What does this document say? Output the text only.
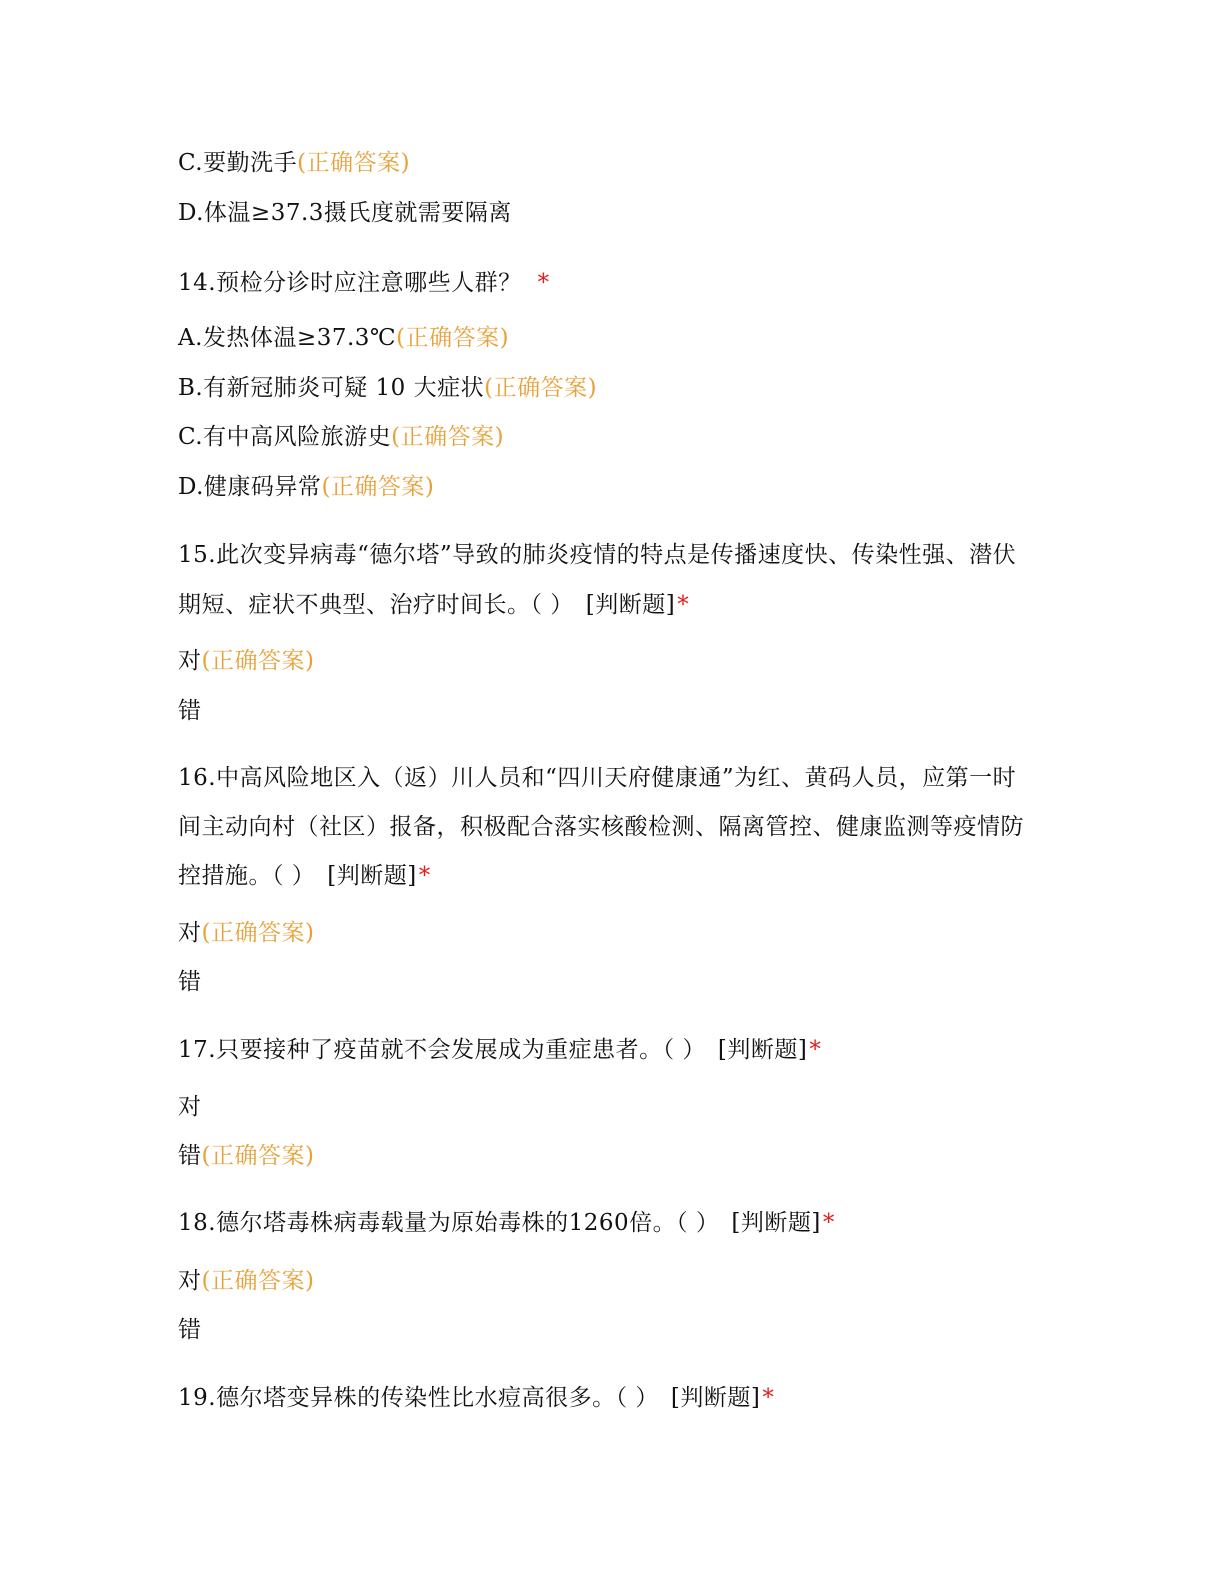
C.要勤洗手(正确答案)
D.体温≥37.3摄氏度就需要隔离
14.预检分诊时应注意哪些人群？ *
A.发热体温≥37.3℃(正确答案)
B.有新冠肺炎可疑 10 大症状(正确答案)
C.有中高风险旅游史(正确答案)
D.健康码异常(正确答案)
15.此次变异病毒“德尔塔”导致的肺炎疫情的特点是传播速度快、传染性强、潜伏
期短、症状不典型、治疗时间长。（ ）　[判断题]*
对(正确答案)
错
16.中高风险地区入（返）川人员和“四川天府健康通”为红、黄码人员，应第一时
间主动向村（社区）报备，积极配合落实核酸检测、隔离管控、健康监测等疫情防
控措施。（ ）　[判断题]*
对(正确答案)
错
17.只要接种了疫苗就不会发展成为重症患者。（ ）　[判断题]*
对
错(正确答案)
18.德尔塔毒株病毒载量为原始毒株的1260倍。（ ）　[判断题]*
对(正确答案)
错
19.德尔塔变异株的传染性比水痘高很多。（ ）　[判断题]*
